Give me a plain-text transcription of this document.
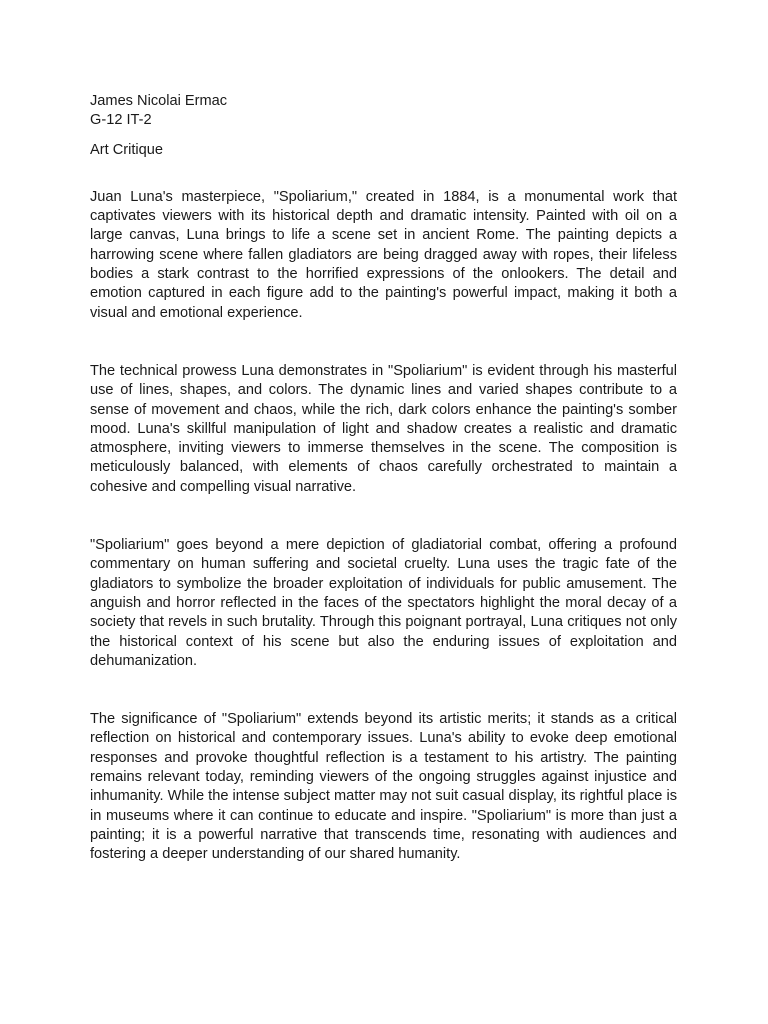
James Nicolai Ermac

G-12 IT-2

Art Critique

Juan Luna's masterpiece, "Spoliarium," created in 1884, is a monumental work that captivates viewers with its historical depth and dramatic intensity. Painted with oil on a large canvas, Luna brings to life a scene set in ancient Rome. The painting depicts a harrowing scene where fallen gladiators are being dragged away with ropes, their lifeless bodies a stark contrast to the horrified expressions of the onlookers. The detail and emotion captured in each figure add to the painting's powerful impact, making it both a visual and emotional experience.

The technical prowess Luna demonstrates in "Spoliarium" is evident through his masterful use of lines, shapes, and colors. The dynamic lines and varied shapes contribute to a sense of movement and chaos, while the rich, dark colors enhance the painting's somber mood. Luna's skillful manipulation of light and shadow creates a realistic and dramatic atmosphere, inviting viewers to immerse themselves in the scene. The composition is meticulously balanced, with elements of chaos carefully orchestrated to maintain a cohesive and compelling visual narrative.

"Spoliarium" goes beyond a mere depiction of gladiatorial combat, offering a profound commentary on human suffering and societal cruelty. Luna uses the tragic fate of the gladiators to symbolize the broader exploitation of individuals for public amusement. The anguish and horror reflected in the faces of the spectators highlight the moral decay of a society that revels in such brutality. Through this poignant portrayal, Luna critiques not only the historical context of his scene but also the enduring issues of exploitation and dehumanization.

The significance of "Spoliarium" extends beyond its artistic merits; it stands as a critical reflection on historical and contemporary issues. Luna's ability to evoke deep emotional responses and provoke thoughtful reflection is a testament to his artistry. The painting remains relevant today, reminding viewers of the ongoing struggles against injustice and inhumanity. While the intense subject matter may not suit casual display, its rightful place is in museums where it can continue to educate and inspire. "Spoliarium" is more than just a painting; it is a powerful narrative that transcends time, resonating with audiences and fostering a deeper understanding of our shared humanity.
